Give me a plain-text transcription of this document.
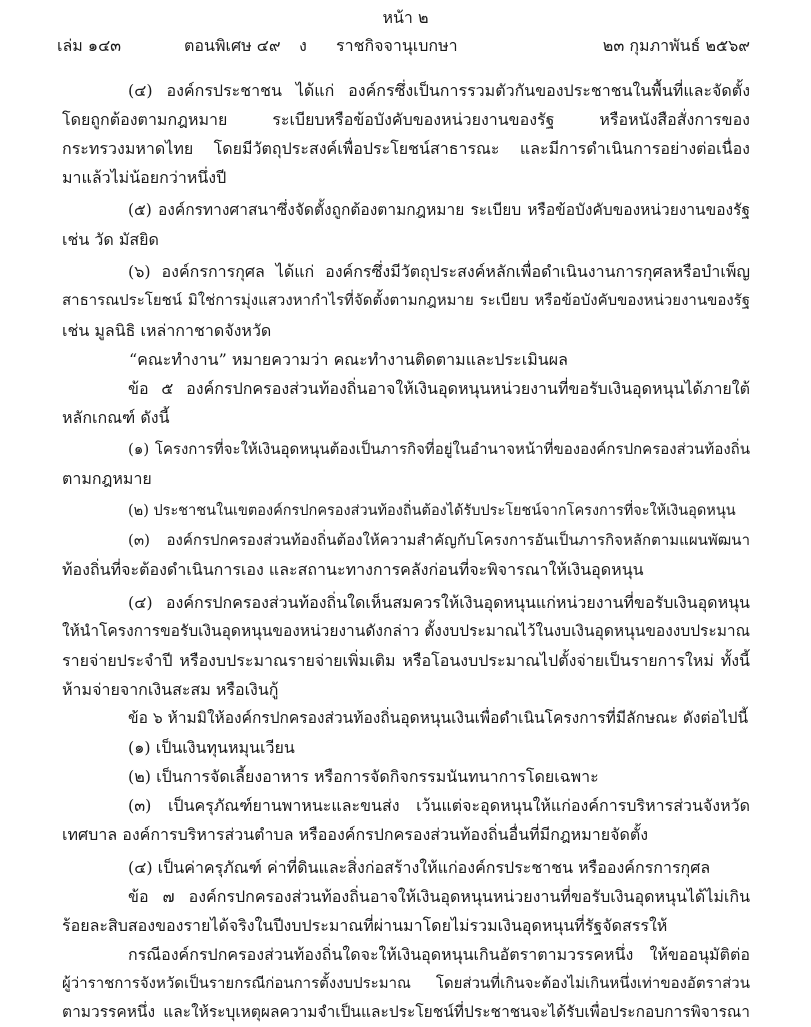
หน้า ๒
เล่ม ๑๔๓	ตอนพิเศษ ๔๙ ง ราชกิจจานุเบกษา	๒๓ กุมภาพันธ์ ๒๕๖๙
(๔) องค์กรประชาชน ได้แก่ องค์กรซึ่งเป็นการรวมตัวกันของประชาชนในพื้นที่และจัดตั้ง
โดยถูกต้องตามกฎหมาย ระเบียบหรือข้อบังคับของหน่วยงานของรัฐ หรือหนังสือสั่งการของ
กระทรวงมหาดไทย โดยมีวัตถุประสงค์เพื่อประโยชน์สาธารณะ และมีการดำเนินการอย่างต่อเนื่อง
มาแล้วไม่น้อยกว่าหนึ่งปี
(๕) องค์กรทางศาสนาซึ่งจัดตั้งถูกต้องตามกฎหมาย ระเบียบ หรือข้อบังคับของหน่วยงานของรัฐ
เช่น วัด มัสยิด
(๖) องค์กรการกุศล ได้แก่ องค์กรซึ่งมีวัตถุประสงค์หลักเพื่อดำเนินงานการกุศลหรือบำเพ็ญ
สาธารณประโยชน์ มิใช่การมุ่งแสวงหากำไรที่จัดตั้งตามกฎหมาย ระเบียบ หรือข้อบังคับของหน่วยงานของรัฐ
เช่น มูลนิธิ เหล่ากาชาดจังหวัด
“คณะทำงาน” หมายความว่า คณะทำงานติดตามและประเมินผล
ข้อ ๕ องค์กรปกครองส่วนท้องถิ่นอาจให้เงินอุดหนุนหน่วยงานที่ขอรับเงินอุดหนุนได้ภายใต้
หลักเกณฑ์ ดังนี้
(๑) โครงการที่จะให้เงินอุดหนุนต้องเป็นภารกิจที่อยู่ในอำนาจหน้าที่ขององค์กรปกครองส่วนท้องถิ่น
ตามกฎหมาย
(๒) ประชาชนในเขตองค์กรปกครองส่วนท้องถิ่นต้องได้รับประโยชน์จากโครงการที่จะให้เงินอุดหนุน
(๓) องค์กรปกครองส่วนท้องถิ่นต้องให้ความสำคัญกับโครงการอันเป็นภารกิจหลักตามแผนพัฒนา
ท้องถิ่นที่จะต้องดำเนินการเอง และสถานะทางการคลังก่อนที่จะพิจารณาให้เงินอุดหนุน
(๔) องค์กรปกครองส่วนท้องถิ่นใดเห็นสมควรให้เงินอุดหนุนแก่หน่วยงานที่ขอรับเงินอุดหนุน
ให้นำโครงการขอรับเงินอุดหนุนของหน่วยงานดังกล่าว ตั้งงบประมาณไว้ในงบเงินอุดหนุนของงบประมาณ
รายจ่ายประจำปี หรืองบประมาณรายจ่ายเพิ่มเติม หรือโอนงบประมาณไปตั้งจ่ายเป็นรายการใหม่ ทั้งนี้
ห้ามจ่ายจากเงินสะสม หรือเงินกู้
ข้อ ๖ ห้ามมิให้องค์กรปกครองส่วนท้องถิ่นอุดหนุนเงินเพื่อดำเนินโครงการที่มีลักษณะ ดังต่อไปนี้
(๑) เป็นเงินทุนหมุนเวียน
(๒) เป็นการจัดเลี้ยงอาหาร หรือการจัดกิจกรรมนันทนาการโดยเฉพาะ
(๓) เป็นครุภัณฑ์ยานพาหนะและขนส่ง เว้นแต่จะอุดหนุนให้แก่องค์การบริหารส่วนจังหวัด
เทศบาล องค์การบริหารส่วนตำบล หรือองค์กรปกครองส่วนท้องถิ่นอื่นที่มีกฎหมายจัดตั้ง
(๔) เป็นค่าครุภัณฑ์ ค่าที่ดินและสิ่งก่อสร้างให้แก่องค์กรประชาชน หรือองค์กรการกุศล
ข้อ ๗ องค์กรปกครองส่วนท้องถิ่นอาจให้เงินอุดหนุนหน่วยงานที่ขอรับเงินอุดหนุนได้ไม่เกิน
ร้อยละสิบสองของรายได้จริงในปีงบประมาณที่ผ่านมาโดยไม่รวมเงินอุดหนุนที่รัฐจัดสรรให้
กรณีองค์กรปกครองส่วนท้องถิ่นใดจะให้เงินอุดหนุนเกินอัตราตามวรรคหนึ่ง ให้ขออนุมัติต่อ
ผู้ว่าราชการจังหวัดเป็นรายกรณีก่อนการตั้งงบประมาณ โดยส่วนที่เกินจะต้องไม่เกินหนึ่งเท่าของอัตราส่วน
ตามวรรคหนึ่ง และให้ระบุเหตุผลความจำเป็นและประโยชน์ที่ประชาชนจะได้รับเพื่อประกอบการพิจารณา
